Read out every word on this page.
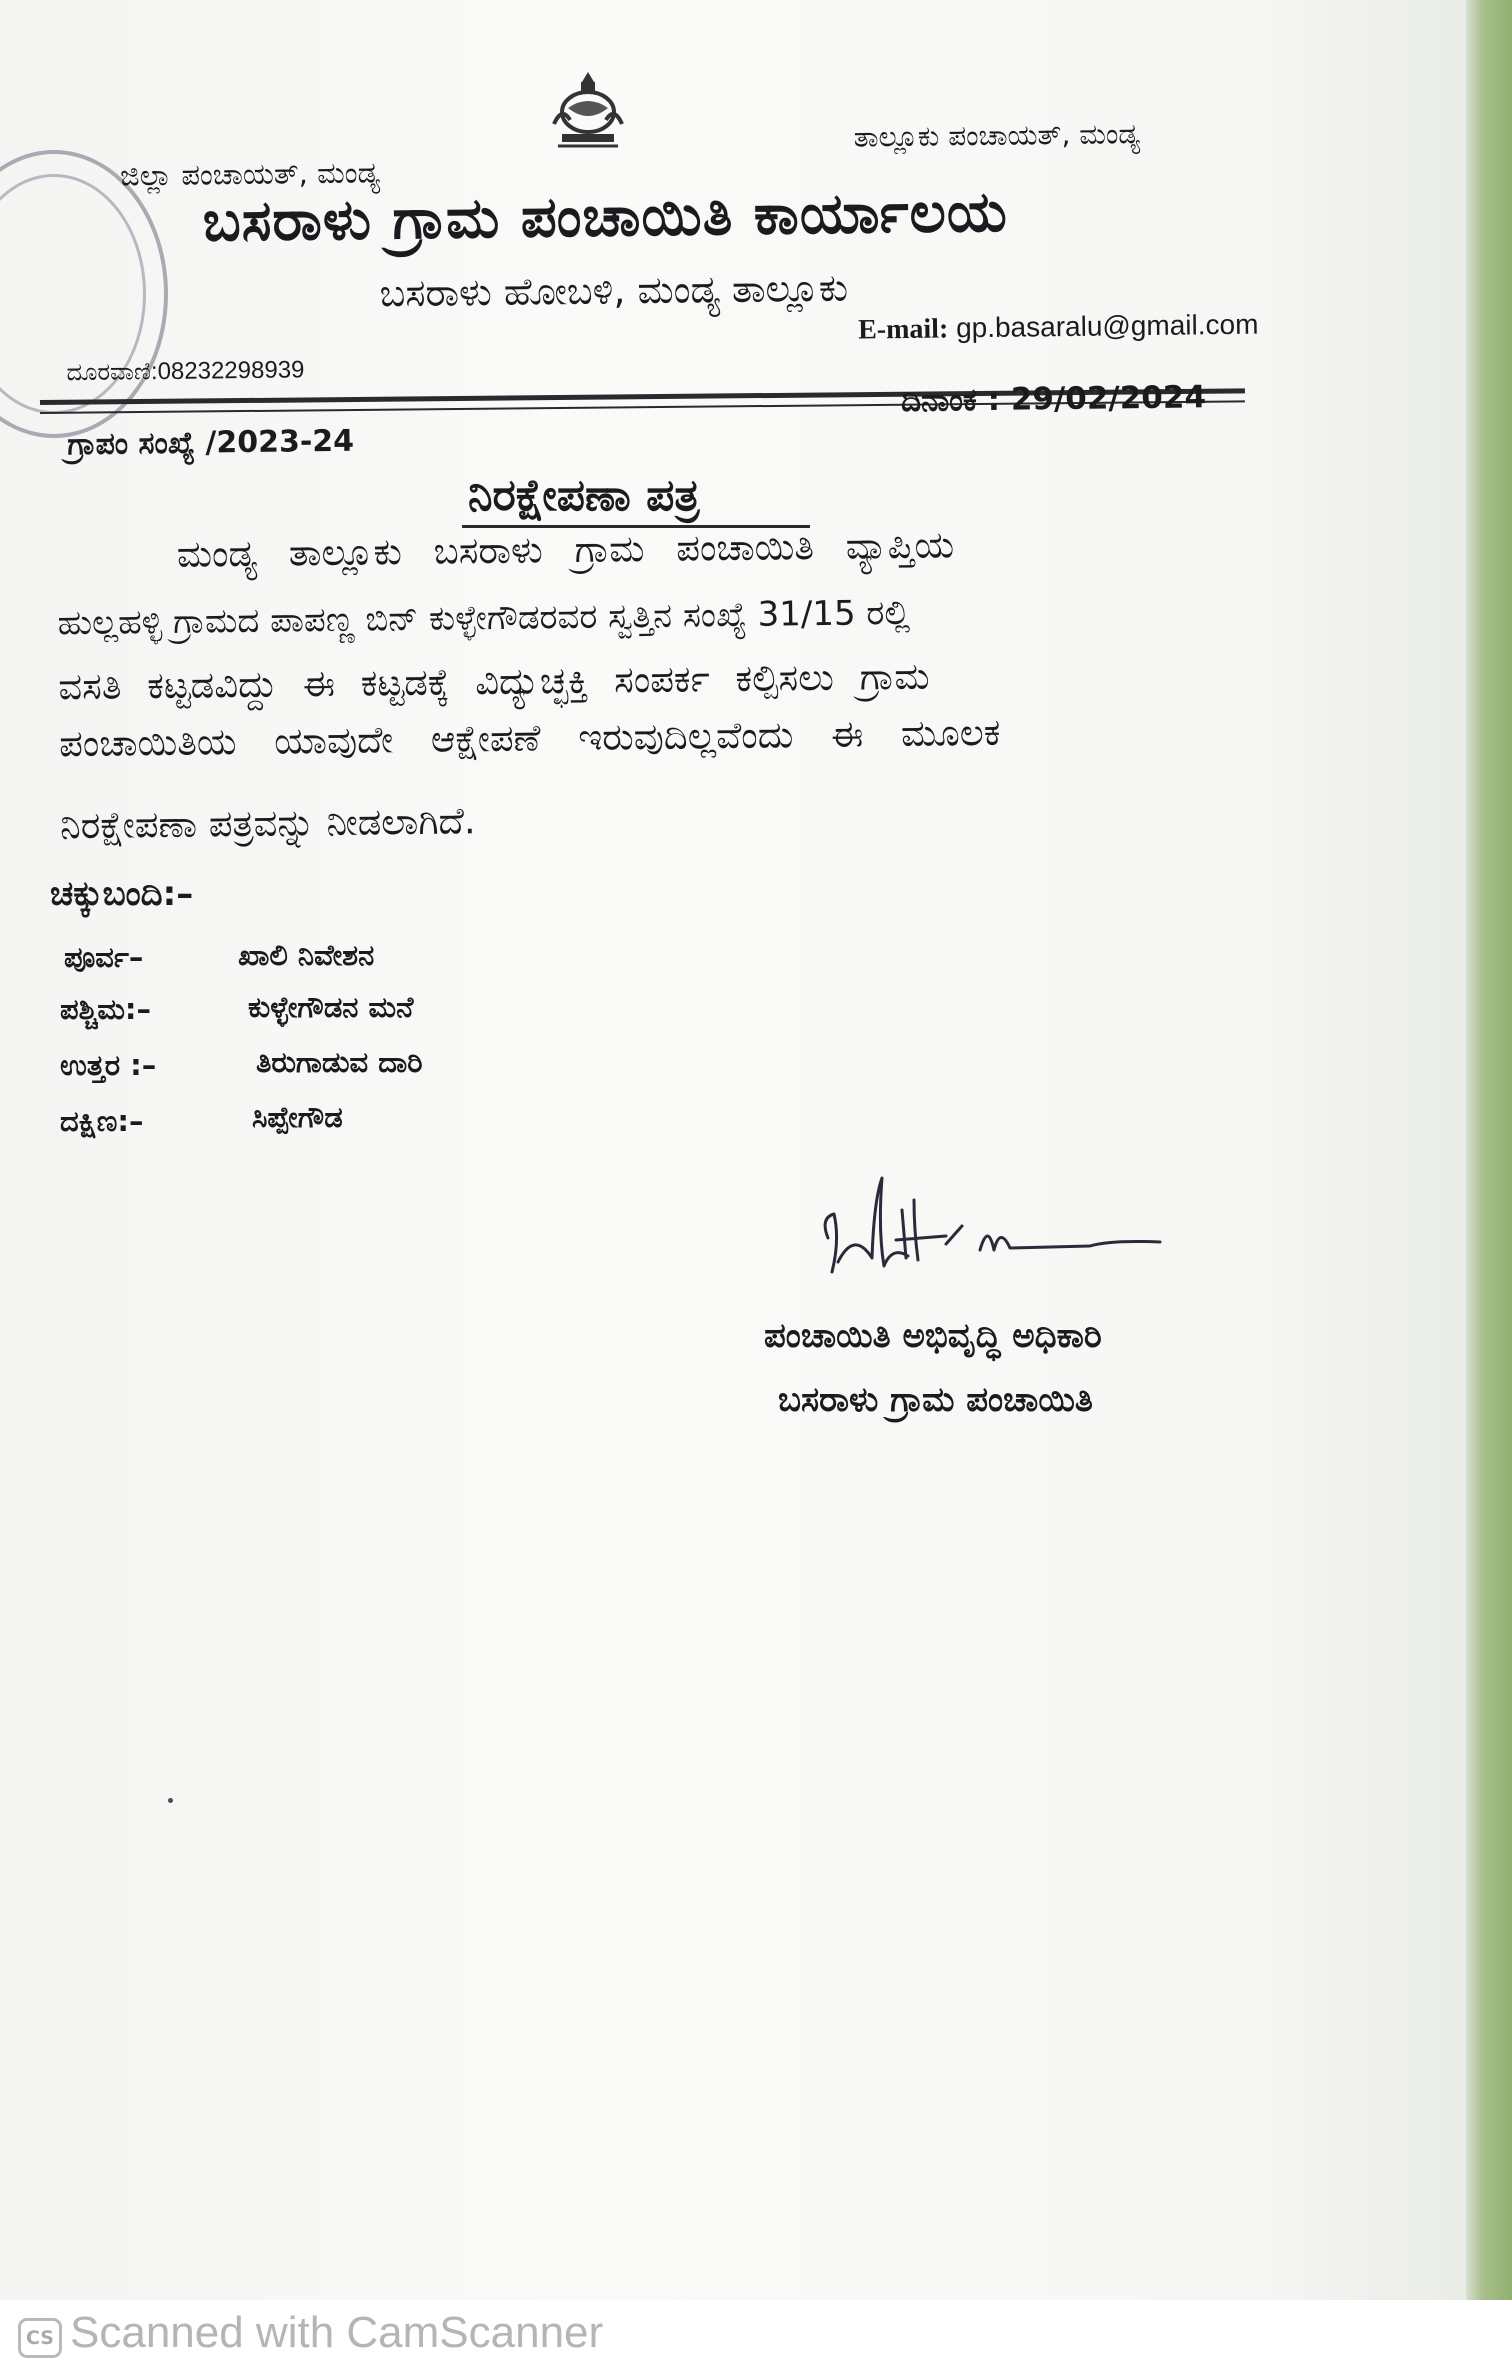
ಜಿಲ್ಲಾ ಪಂಚಾಯತ್, ಮಂಡ್ಯ
ತಾಲ್ಲೂಕು ಪಂಚಾಯತ್, ಮಂಡ್ಯ
ಬಸರಾಳು ಗ್ರಾಮ ಪಂಚಾಯಿತಿ ಕಾರ್ಯಾಲಯ
ಬಸರಾಳು ಹೋಬಳಿ, ಮಂಡ್ಯ ತಾಲ್ಲೂಕು
E-mail: gp.basaralu@gmail.com
ದೂರವಾಣಿ:08232298939
ದಿನಾಂಕ : 29/02/2024
ಗ್ರಾಪಂ ಸಂಖ್ಯೆ /2023-24
ನಿರಕ್ಷೇಪಣಾ ಪತ್ರ
ಮಂಡ್ಯ ತಾಲ್ಲೂಕು ಬಸರಾಳು ಗ್ರಾಮ ಪಂಚಾಯಿತಿ ವ್ಯಾಪ್ತಿಯ
ಹುಲ್ಲಹಳ್ಳಿ ಗ್ರಾಮದ ಪಾಪಣ್ಣ ಬಿನ್ ಕುಳ್ಳೇಗೌಡರವರ ಸ್ವತ್ತಿನ ಸಂಖ್ಯೆ 31/15 ರಲ್ಲಿ
ವಸತಿ ಕಟ್ಟಡವಿದ್ದು ಈ ಕಟ್ಟಡಕ್ಕೆ ವಿದ್ಯುಚ್ಛಕ್ತಿ ಸಂಪರ್ಕ ಕಲ್ಪಿಸಲು ಗ್ರಾಮ
ಪಂಚಾಯಿತಿಯ ಯಾವುದೇ ಆಕ್ಷೇಪಣೆ ಇರುವುದಿಲ್ಲವೆಂದು ಈ ಮೂಲಕ
ನಿರಕ್ಷೇಪಣಾ ಪತ್ರವನ್ನು ನೀಡಲಾಗಿದೆ.
ಚಕ್ಕುಬಂದಿ:–
ಪೂರ್ವ–	ಖಾಲಿ ನಿವೇಶನ
ಪಶ್ಚಿಮ:–	ಕುಳ್ಳೇಗೌಡನ ಮನೆ
ಉತ್ತರ :–	ತಿರುಗಾಡುವ ದಾರಿ
ದಕ್ಷಿಣ:–	ಸಿಪ್ಪೇಗೌಡ
ಪಂಚಾಯಿತಿ ಅಭಿವೃದ್ಧಿ ಅಧಿಕಾರಿ
ಬಸರಾಳು ಗ್ರಾಮ ಪಂಚಾಯಿತಿ
CS Scanned with CamScanner
